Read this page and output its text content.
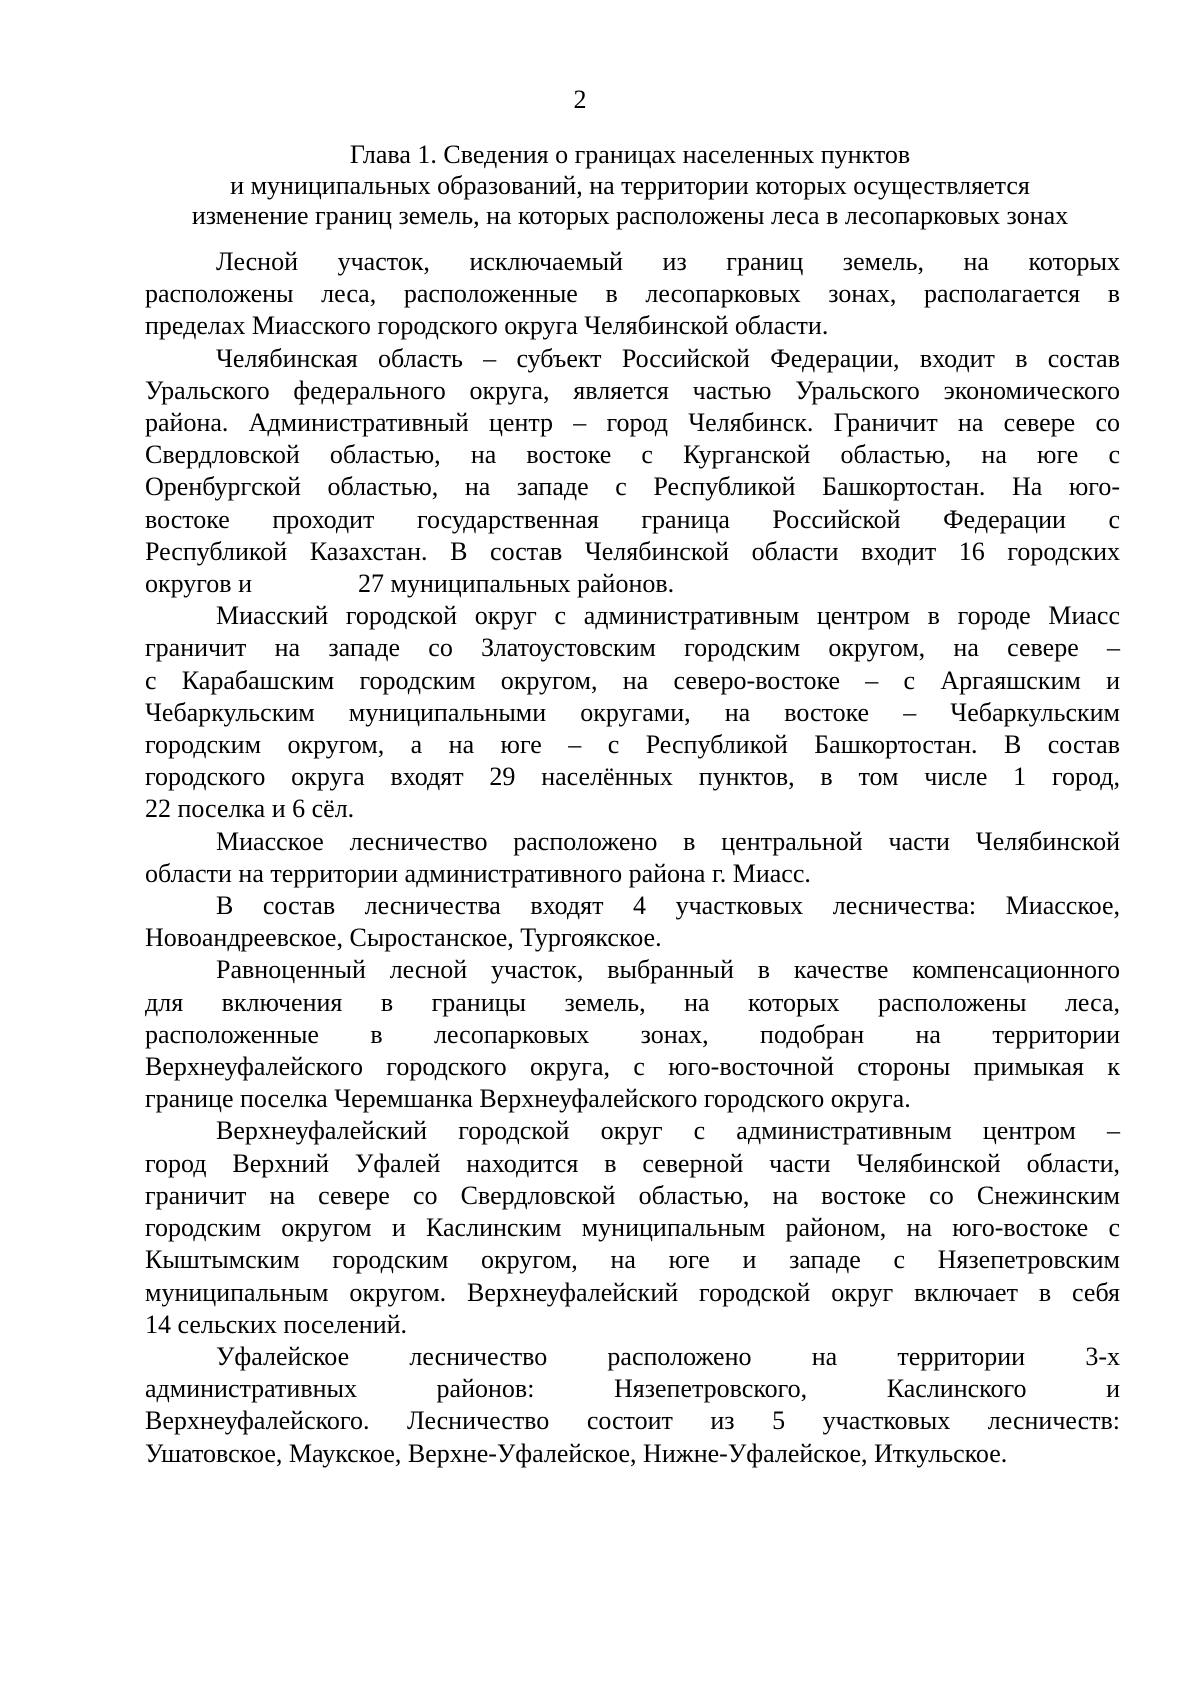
2
Глава 1. Сведения о границах населенных пунктов
и муниципальных образований, на территории которых осуществляется
изменение границ земель, на которых расположены леса в лесопарковых зонах
Лесной участок, исключаемый из границ земель, на которых
расположены леса, расположенные в лесопарковых зонах, располагается в
пределах Миасского городского округа Челябинской области.
Челябинская область – субъект Российской Федерации, входит в состав
Уральского федерального округа, является частью Уральского экономического
района. Административный центр – город Челябинск. Граничит на севере со
Свердловской областью, на востоке с Курганской областью, на юге с
Оренбургской областью, на западе с Республикой Башкортостан. На юго-
востоке проходит государственная граница Российской Федерации с
Республикой Казахстан. В состав Челябинской области входит 16 городских
округов и	27 муниципальных районов.
Миасский городской округ с административным центром в городе Миасс
граничит на западе со Златоустовским городским округом, на севере –
с Карабашским городским округом, на северо-востоке – с Аргаяшским и
Чебаркульским муниципальными округами, на востоке – Чебаркульским
городским округом, а на юге – с Республикой Башкортостан. В состав
городского округа входят 29 населённых пунктов, в том числе 1 город,
22 поселка и 6 сёл.
Миасское лесничество расположено в центральной части Челябинской
области на территории административного района г. Миасс.
В состав лесничества входят 4 участковых лесничества: Миасское,
Новоандреевское, Сыростанское, Тургоякское.
Равноценный лесной участок, выбранный в качестве компенсационного
для включения в границы земель, на которых расположены леса,
расположенные в лесопарковых зонах, подобран на территории
Верхнеуфалейского городского округа, с юго-восточной стороны примыкая к
границе поселка Черемшанка Верхнеуфалейского городского округа.
Верхнеуфалейский городской округ с административным центром –
город Верхний Уфалей находится в северной части Челябинской области,
граничит на севере со Свердловской областью, на востоке со Снежинским
городским округом и Каслинским муниципальным районом, на юго-востоке с
Кыштымским городским округом, на юге и западе с Нязепетровским
муниципальным округом. Верхнеуфалейский городской округ включает в себя
14 сельских поселений.
Уфалейское лесничество расположено на территории 3-х
административных районов: Нязепетровского, Каслинского и
Верхнеуфалейского. Лесничество состоит из 5 участковых лесничеств:
Ушатовское, Маукское, Верхне-Уфалейское, Нижне-Уфалейское, Иткульское.
